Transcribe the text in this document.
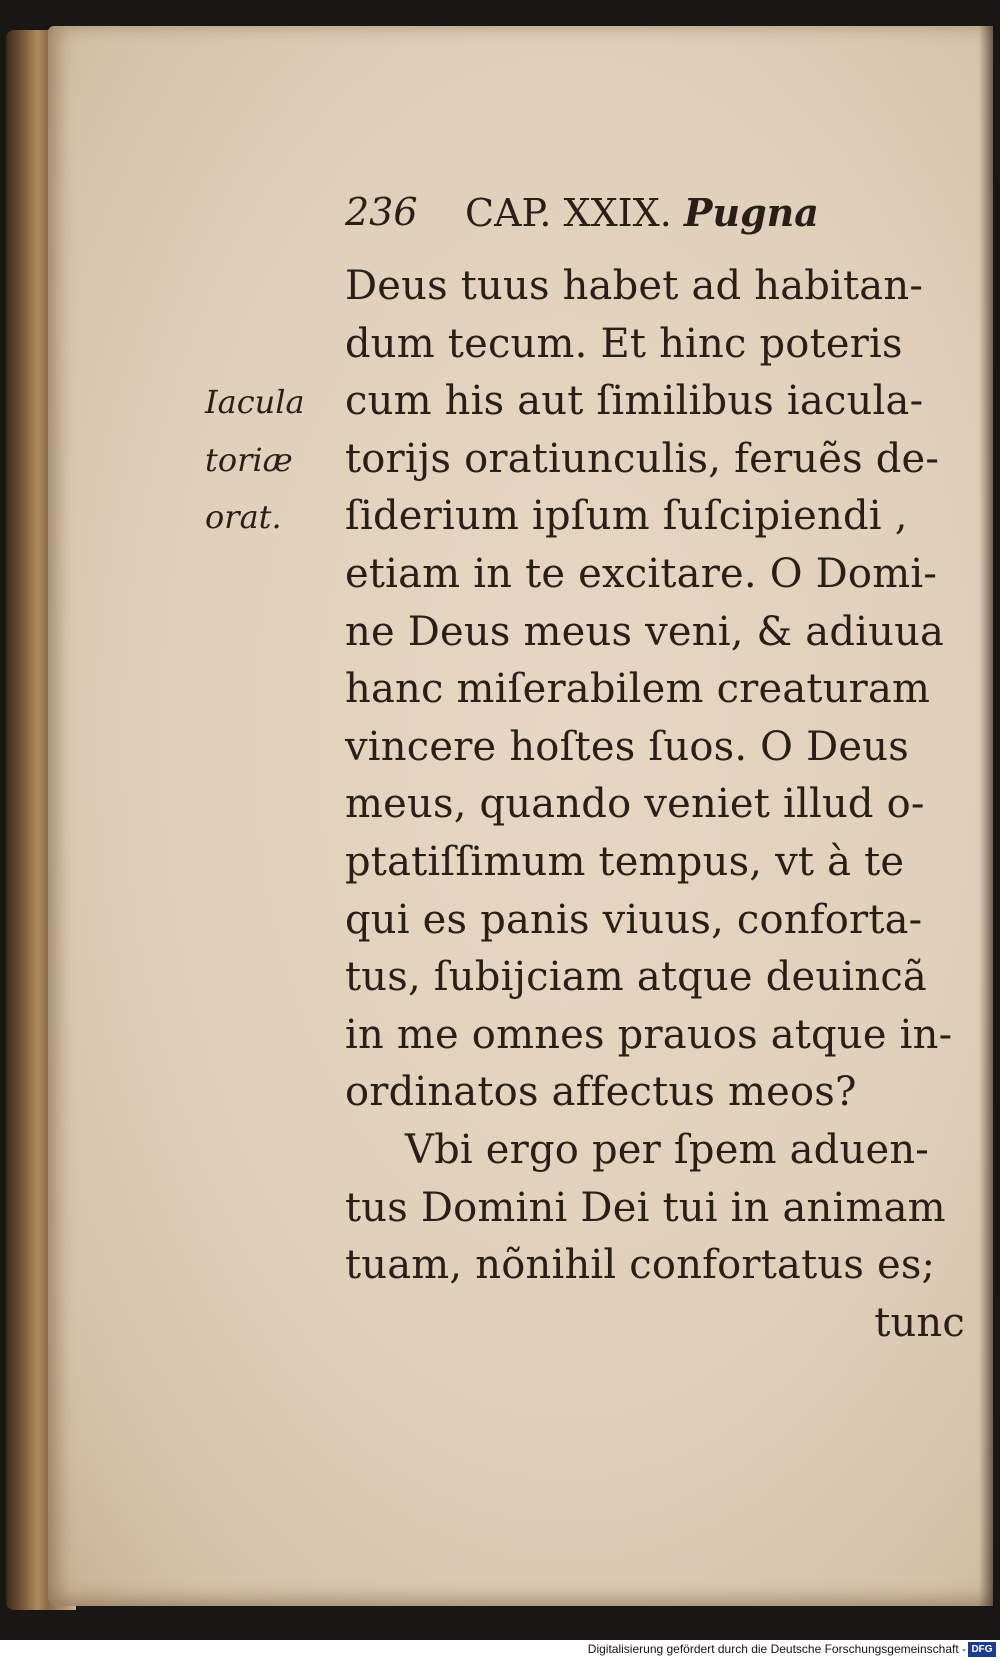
236

CAP. XXIX. Pugna

Iacula
toriæ
orat.
Deus tuus habet ad habitan-
dum tecum. Et hinc poteris
cum his aut ſimilibus iacula-
torijs oratiunculis, feruẽs de-
ſiderium ipſum ſuſcipiendi ,
etiam in te excitare. O Domi-
ne Deus meus veni, & adiuua
hanc miſerabilem creaturam
vincere hoſtes ſuos. O Deus
meus, quando veniet illud o-
ptatiſſimum tempus, vt à te
qui es panis viuus, conforta-
tus, ſubijciam atque deuincã
in me omnes prauos atque in-
ordinatos affectus meos?
Vbi ergo per ſpem aduen-
tus Domini Dei tui in animam
tuam, nõnihil confortatus es;
tunc
Digitalisierung gefördert durch die Deutsche Forschungsgemeinschaft - DFG
